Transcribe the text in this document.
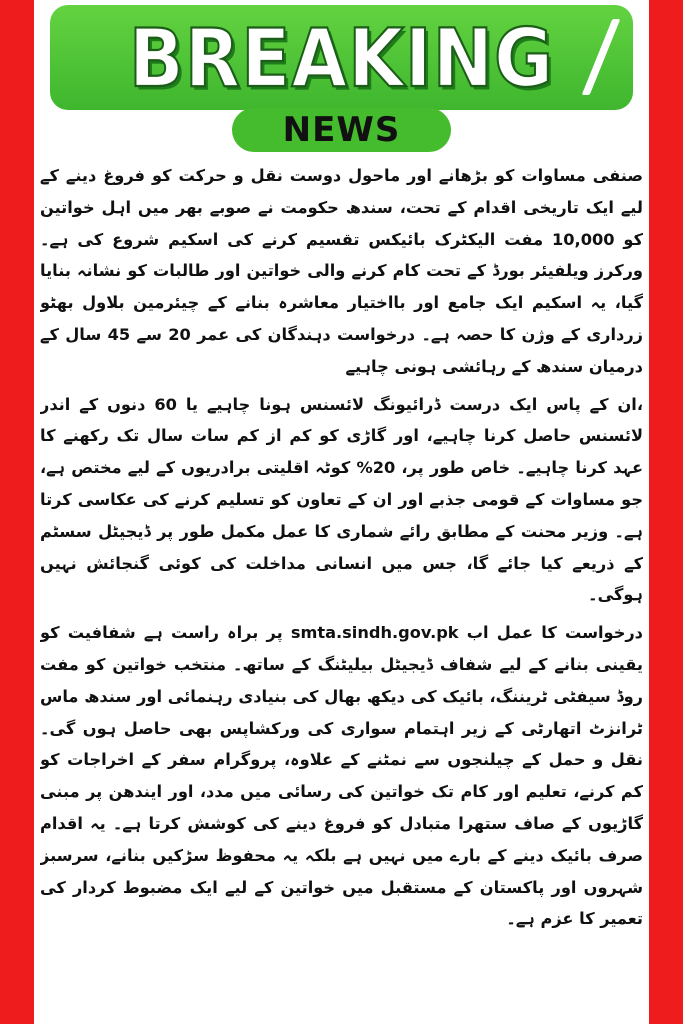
BREAKING
NEWS

صنفی مساوات کو بڑھانے اور ماحول دوست نقل و حرکت کو فروغ دینے کے لیے ایک تاریخی اقدام کے تحت، سندھ حکومت نے صوبے بھر میں اہل خواتین کو 10,000 مفت الیکٹرک بائیکس تقسیم کرنے کی اسکیم شروع کی ہے۔ ورکرز ویلفیئر بورڈ کے تحت کام کرنے والی خواتین اور طالبات کو نشانہ بنایا گیا، یہ اسکیم ایک جامع اور بااختیار معاشرہ بنانے کے چیئرمین بلاول بھٹو زرداری کے وژن کا حصہ ہے۔ درخواست دہندگان کی عمر 20 سے 45 سال کے درمیان سندھ کے رہائشی ہونی چاہیے

،ان کے پاس ایک درست ڈرائیونگ لائسنس ہونا چاہیے یا 60 دنوں کے اندر لائسنس حاصل کرنا چاہیے، اور گاڑی کو کم از کم سات سال تک رکھنے کا عہد کرنا چاہیے۔ خاص طور پر، 20% کوٹہ اقلیتی برادریوں کے لیے مختص ہے، جو مساوات کے قومی جذبے اور ان کے تعاون کو تسلیم کرنے کی عکاسی کرتا ہے۔ وزیر محنت کے مطابق رائے شماری کا عمل مکمل طور پر ڈیجیٹل سسٹم کے ذریعے کیا جائے گا، جس میں انسانی مداخلت کی کوئی گنجائش نہیں ہوگی۔

درخواست کا عمل اب smta.sindh.gov.pk پر براہ راست ہے شفافیت کو یقینی بنانے کے لیے شفاف ڈیجیٹل بیلیٹنگ کے ساتھ۔ منتخب خواتین کو مفت روڈ سیفٹی ٹریننگ، بائیک کی دیکھ بھال کی بنیادی رہنمائی اور سندھ ماس ٹرانزٹ اتھارٹی کے زیر اہتمام سواری کی ورکشاپس بھی حاصل ہوں گی۔ نقل و حمل کے چیلنجوں سے نمٹنے کے علاوہ، پروگرام سفر کے اخراجات کو کم کرنے، تعلیم اور کام تک خواتین کی رسائی میں مدد، اور ایندھن پر مبنی گاڑیوں کے صاف ستھرا متبادل کو فروغ دینے کی کوشش کرتا ہے۔ یہ اقدام صرف بائیک دینے کے بارے میں نہیں ہے بلکہ یہ محفوظ سڑکیں بنانے، سرسبز شہروں اور پاکستان کے مستقبل میں خواتین کے لیے ایک مضبوط کردار کی تعمیر کا عزم ہے۔
